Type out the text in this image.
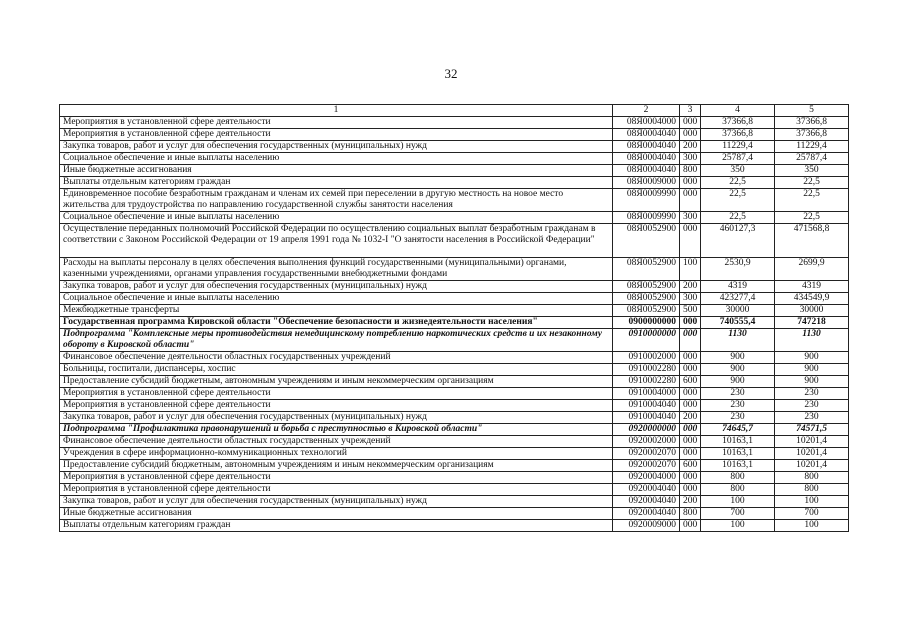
32
1	2	3	4	5
Мероприятия в установленной сфере деятельности	08Я0004000	000	37366,8	37366,8
Мероприятия в установленной сфере деятельности	08Я0004040	000	37366,8	37366,8
Закупка товаров, работ и услуг для обеспечения государственных (муниципальных) нужд	08Я0004040	200	11229,4	11229,4
Социальное обеспечение и иные выплаты населению	08Я0004040	300	25787,4	25787,4
Иные бюджетные ассигнования	08Я0004040	800	350	350
Выплаты отдельным категориям граждан	08Я0009000	000	22,5	22,5
Единовременное пособие безработным гражданам и членам их семей при переселении в другую местность на новое место жительства для трудоустройства по направлению государственной службы занятости населения	08Я0009990	000	22,5	22,5
Социальное обеспечение и иные выплаты населению	08Я0009990	300	22,5	22,5
Осуществление переданных полномочий Российской Федерации по осуществлению социальных выплат безработным гражданам в соответствии с Законом Российской Федерации от 19 апреля 1991 года № 1032-I "О занятости населения в Российской Федерации"	08Я0052900	000	460127,3	471568,8
Расходы на выплаты персоналу в целях обеспечения выполнения функций государственными (муниципальными) органами, казенными учреждениями, органами управления государственными внебюджетными фондами	08Я0052900	100	2530,9	2699,9
Закупка товаров, работ и услуг для обеспечения государственных (муниципальных) нужд	08Я0052900	200	4319	4319
Социальное обеспечение и иные выплаты населению	08Я0052900	300	423277,4	434549,9
Межбюджетные трансферты	08Я0052900	500	30000	30000
Государственная программа Кировской области "Обеспечение безопасности и жизнедеятельности населения"	0900000000	000	740555,4	747218
Подпрограмма "Комплексные меры противодействия немедицинскому потреблению наркотических средств и их незаконному обороту в Кировской области"	0910000000	000	1130	1130
Финансовое обеспечение деятельности областных государственных учреждений	0910002000	000	900	900
Больницы, госпитали, диспансеры, хоспис	0910002280	000	900	900
Предоставление субсидий бюджетным, автономным учреждениям и иным некоммерческим организациям	0910002280	600	900	900
Мероприятия в установленной сфере деятельности	0910004000	000	230	230
Мероприятия в установленной сфере деятельности	0910004040	000	230	230
Закупка товаров, работ и услуг для обеспечения государственных (муниципальных) нужд	0910004040	200	230	230
Подпрограмма "Профилактика правонарушений и борьба с преступностью в Кировской области"	0920000000	000	74645,7	74571,5
Финансовое обеспечение деятельности областных государственных учреждений	0920002000	000	10163,1	10201,4
Учреждения в сфере информационно-коммуникационных технологий	0920002070	000	10163,1	10201,4
Предоставление субсидий бюджетным, автономным учреждениям и иным некоммерческим организациям	0920002070	600	10163,1	10201,4
Мероприятия в установленной сфере деятельности	0920004000	000	800	800
Мероприятия в установленной сфере деятельности	0920004040	000	800	800
Закупка товаров, работ и услуг для обеспечения государственных (муниципальных) нужд	0920004040	200	100	100
Иные бюджетные ассигнования	0920004040	800	700	700
Выплаты отдельным категориям граждан	0920009000	000	100	100
